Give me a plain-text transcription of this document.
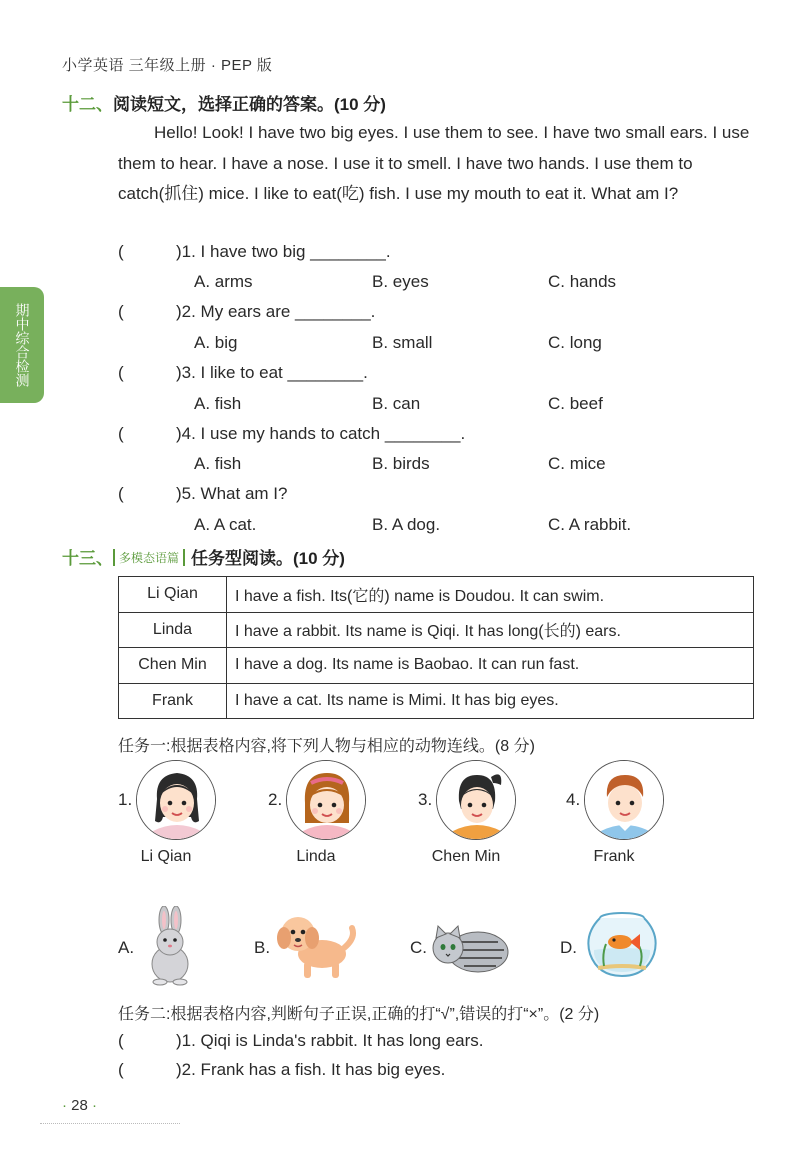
小学英语 三年级上册 · PEP 版
期中综合检测
十二、阅读短文，选择正确的答案。(10 分)

Hello! Look! I have two big eyes. I use them to see. I have two small ears. I use them to hear. I have a nose. I use it to smell. I have two hands. I use them to catch(抓住) mice. I like to eat(吃) fish. I use my mouth to eat it. What am I?

(	)1. I have two big ________.
A. arms	B. eyes	C. hands
(	)2. My ears are ________.
A. big	B. small	C. long
(	)3. I like to eat ________.
A. fish	B. can	C. beef
(	)4. I use my hands to catch ________.
A. fish	B. birds	C. mice
(	)5. What am I?
A. A cat.	B. A dog.	C. A rabbit.
十三、 多模态语篇 任务型阅读。(10 分)
Li Qian	I have a fish. Its(它的) name is Doudou. It can swim.
Linda	I have a rabbit. Its name is Qiqi. It has long(长的) ears.
Chen Min	I have a dog. Its name is Baobao. It can run fast.
Frank	I have a cat. Its name is Mimi. It has big eyes.
任务一:根据表格内容,将下列人物与相应的动物连线。(8 分)
1.
Li Qian
2.
Linda
3.
Chen Min
4.
Frank
A.	B.	C.	D.
任务二:根据表格内容,判断句子正误,正确的打“√”,错误的打“×”。(2 分)
(	)1. Qiqi is Linda's rabbit. It has long ears.
(	)2. Frank has a fish. It has big eyes.
· 28 ·
